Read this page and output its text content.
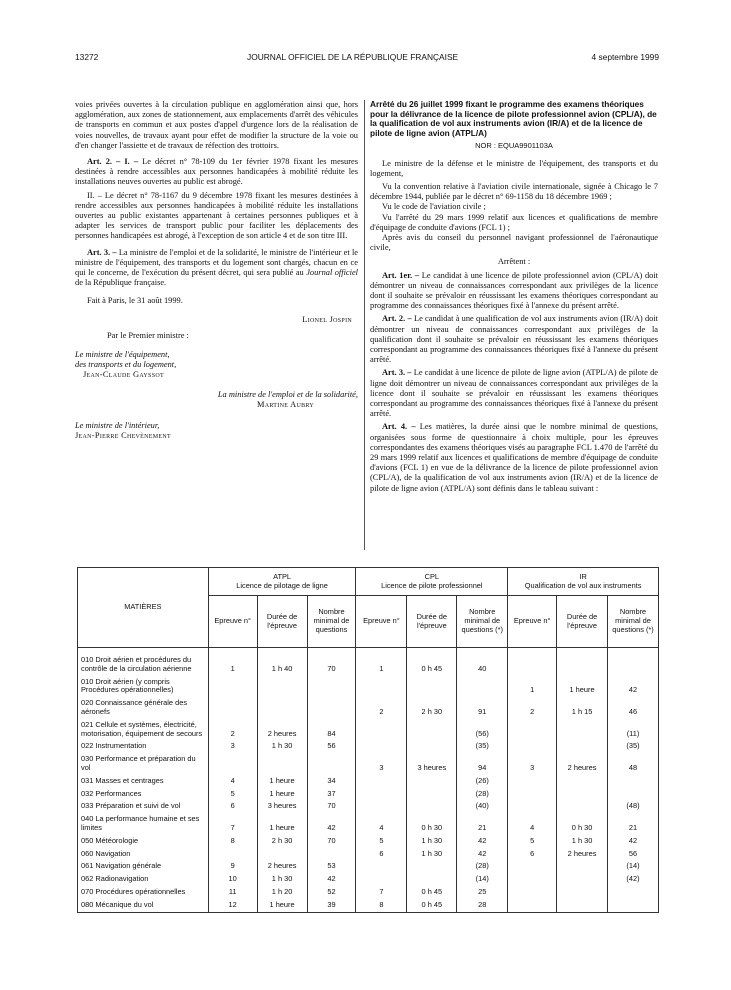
13272	JOURNAL OFFICIEL DE LA RÉPUBLIQUE FRANÇAISE	4 septembre 1999

voies privées ouvertes à la circulation publique en agglomération ainsi que, hors agglomération, aux zones de stationnement, aux emplacements d'arrêt des véhicules de transports en commun et aux postes d'appel d'urgence lors de la réalisation de voies nouvelles, de travaux ayant pour effet de modifier la structure de la voie ou d'en changer l'assiette et de travaux de réfection des trottoirs.

Art. 2. – I. – Le décret n° 78-109 du 1er février 1978 fixant les mesures destinées à rendre accessibles aux personnes handicapées à mobilité réduite les installations neuves ouvertes au public est abrogé.

II. – Le décret n° 78-1167 du 9 décembre 1978 fixant les mesures destinées à rendre accessibles aux personnes handicapées à mobilité réduite les installations ouvertes au public existantes appartenant à certaines personnes publiques et à adapter les services de transport public pour faciliter les déplacements des personnes handicapées est abrogé, à l'exception de son article 4 et de son titre III.

Art. 3. – La ministre de l'emploi et de la solidarité, le ministre de l'intérieur et le ministre de l'équipement, des transports et du logement sont chargés, chacun en ce qui le concerne, de l'exécution du présent décret, qui sera publié au Journal officiel de la République française.

Fait à Paris, le 31 août 1999.
Lionel Jospin
Par le Premier ministre :
Le ministre de l'équipement,
des transports et du logement,
Jean-Claude Gayssot
La ministre de l'emploi et de la solidarité,
Martine Aubry
Le ministre de l'intérieur,
Jean-Pierre Chevènement

Arrêté du 26 juillet 1999 fixant le programme des examens théoriques pour la délivrance de la licence de pilote professionnel avion (CPL/A), de la qualification de vol aux instruments avion (IR/A) et de la licence de pilote de ligne avion (ATPL/A)

NOR : EQUA9901103A

Le ministre de la défense et le ministre de l'équipement, des transports et du logement,

Vu la convention relative à l'aviation civile internationale, signée à Chicago le 7 décembre 1944, publiée par le décret n° 69-1158 du 18 décembre 1969 ;

Vu le code de l'aviation civile ;

Vu l'arrêté du 29 mars 1999 relatif aux licences et qualifications de membre d'équipage de conduite d'avions (FCL 1) ;

Après avis du conseil du personnel navigant professionnel de l'aéronautique civile,

Arrêtent :

Art. 1er. – Le candidat à une licence de pilote professionnel avion (CPL/A) doit démontrer un niveau de connaissances correspondant aux privilèges de la licence dont il souhaite se prévaloir en réussissant les examens théoriques correspondant au programme des connaissances théoriques fixé à l'annexe du présent arrêté.

Art. 2. – Le candidat à une qualification de vol aux instruments avion (IR/A) doit démontrer un niveau de connaissances correspondant aux privilèges de la qualification dont il souhaite se prévaloir en réussissant les examens théoriques correspondant au programme des connaissances théoriques fixé à l'annexe du présent arrêté.

Art. 3. – Le candidat à une licence de pilote de ligne avion (ATPL/A) de pilote de ligne doit démontrer un niveau de connaissances correspondant aux privilèges de la licence dont il souhaite se prévaloir en réussissant les examens théoriques correspondant au programme des connaissances théoriques fixé à l'annexe du présent arrêté.

Art. 4. – Les matières, la durée ainsi que le nombre minimal de questions, organisées sous forme de questionnaire à choix multiple, pour les épreuves correspondantes des examens théoriques visés au paragraphe FCL 1.470 de l'arrêté du 29 mars 1999 relatif aux licences et qualifications de membre d'équipage de conduite d'avions (FCL 1) en vue de la délivrance de la licence de pilote professionnel avion (CPL/A), de la qualification de vol aux instruments avion (IR/A) et de la licence de pilote de ligne avion (ATPL/A) sont définis dans le tableau suivant :

MATIÈRES	ATPL
Licence de pilotage de ligne			CPL
Licence de pilote professionnel			IR
Qualification de vol aux instruments		
	Epreuve n°	Durée de l'épreuve	Nombre minimal de questions	Epreuve n°	Durée de l'épreuve	Nombre minimal de questions (*)	Epreuve n°	Durée de l'épreuve	Nombre minimal de questions (*)
010 Droit aérien et procédures du contrôle de la circulation aérienne	1	1 h 40	70	1	0 h 45	40			
010 Droit aérien (y compris Procédures opérationnelles)							1	1 heure	42
020 Connaissance générale des aéronefs				2	2 h 30	91	2	1 h 15	46
021 Cellule et systèmes, électricité, motorisation, équipement de secours	2	2 heures	84			(56)			(11)
022 Instrumentation	3	1 h 30	56			(35)			(35)
030 Performance et préparation du vol				3	3 heures	94	3	2 heures	48
031 Masses et centrages	4	1 heure	34			(26)			
032 Performances	5	1 heure	37			(28)			
033 Préparation et suivi de vol	6	3 heures	70			(40)			(48)
040 La performance humaine et ses limites	7	1 heure	42	4	0 h 30	21	4	0 h 30	21
050 Météorologie	8	2 h 30	70	5	1 h 30	42	5	1 h 30	42
060 Navigation				6	1 h 30	42	6	2 heures	56
061 Navigation générale	9	2 heures	53			(28)			(14)
062 Radionavigation	10	1 h 30	42			(14)			(42)
070 Procédures opérationnelles	11	1 h 20	52	7	0 h 45	25			
080 Mécanique du vol	12	1 heure	39	8	0 h 45	28			
